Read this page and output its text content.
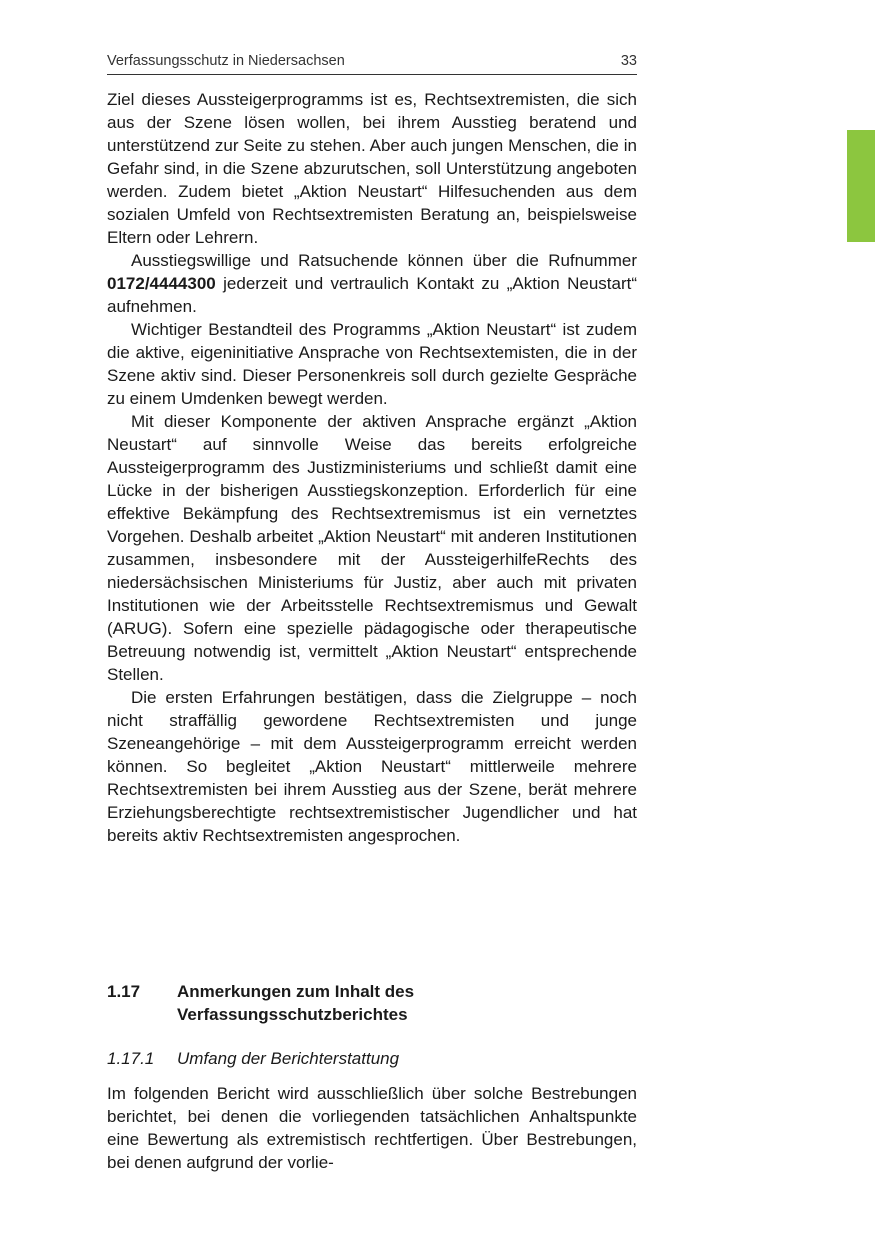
Verfassungsschutz in Niedersachsen	33

Ziel dieses Aussteigerprogramms ist es, Rechtsextremisten, die sich aus der Szene lösen wollen, bei ihrem Ausstieg beratend und unterstützend zur Seite zu stehen. Aber auch jungen Menschen, die in Gefahr sind, in die Szene abzurutschen, soll Unterstützung angeboten werden. Zudem bietet „Aktion Neustart“ Hilfesuchenden aus dem sozialen Umfeld von Rechtsextremisten Beratung an, beispielsweise Eltern oder Lehrern.

Ausstiegswillige und Ratsuchende können über die Rufnummer 0172/4444300 jederzeit und vertraulich Kontakt zu „Aktion Neustart“ aufnehmen.

Wichtiger Bestandteil des Programms „Aktion Neustart“ ist zudem die aktive, eigeninitiative Ansprache von Rechtsextemisten, die in der Szene aktiv sind. Dieser Personenkreis soll durch gezielte Gespräche zu einem Umdenken bewegt werden.

Mit dieser Komponente der aktiven Ansprache ergänzt „Aktion Neustart“ auf sinnvolle Weise das bereits erfolgreiche Aussteigerprogramm des Justizministeriums und schließt damit eine Lücke in der bisherigen Ausstiegskonzeption. Erforderlich für eine effektive Bekämpfung des Rechtsextremismus ist ein vernetztes Vorgehen. Deshalb arbeitet „Aktion Neustart“ mit anderen Institutionen zusammen, insbesondere mit der AussteigerhilfeRechts des niedersächsischen Ministeriums für Justiz, aber auch mit privaten Institutionen wie der Arbeitsstelle Rechtsextremismus und Gewalt (ARUG). Sofern eine spezielle pädagogische oder therapeutische Betreuung notwendig ist, vermittelt „Aktion Neustart“ entsprechende Stellen.

Die ersten Erfahrungen bestätigen, dass die Zielgruppe – noch nicht straffällig gewordene Rechtsextremisten und junge Szeneangehörige – mit dem Aussteigerprogramm erreicht werden können. So begleitet „Aktion Neustart“ mittlerweile mehrere Rechtsextremisten bei ihrem Ausstieg aus der Szene, berät mehrere Erziehungsberechtigte rechtsextremistischer Jugendlicher und hat bereits aktiv Rechtsextremisten angesprochen.

1.17	Anmerkungen zum Inhalt des Verfassungsschutzberichtes
1.17.1	Umfang der Berichterstattung

Im folgenden Bericht wird ausschließlich über solche Bestrebungen berichtet, bei denen die vorliegenden tatsächlichen Anhaltspunkte eine Bewertung als extremistisch rechtfertigen. Über Bestrebungen, bei denen aufgrund der vorlie-
